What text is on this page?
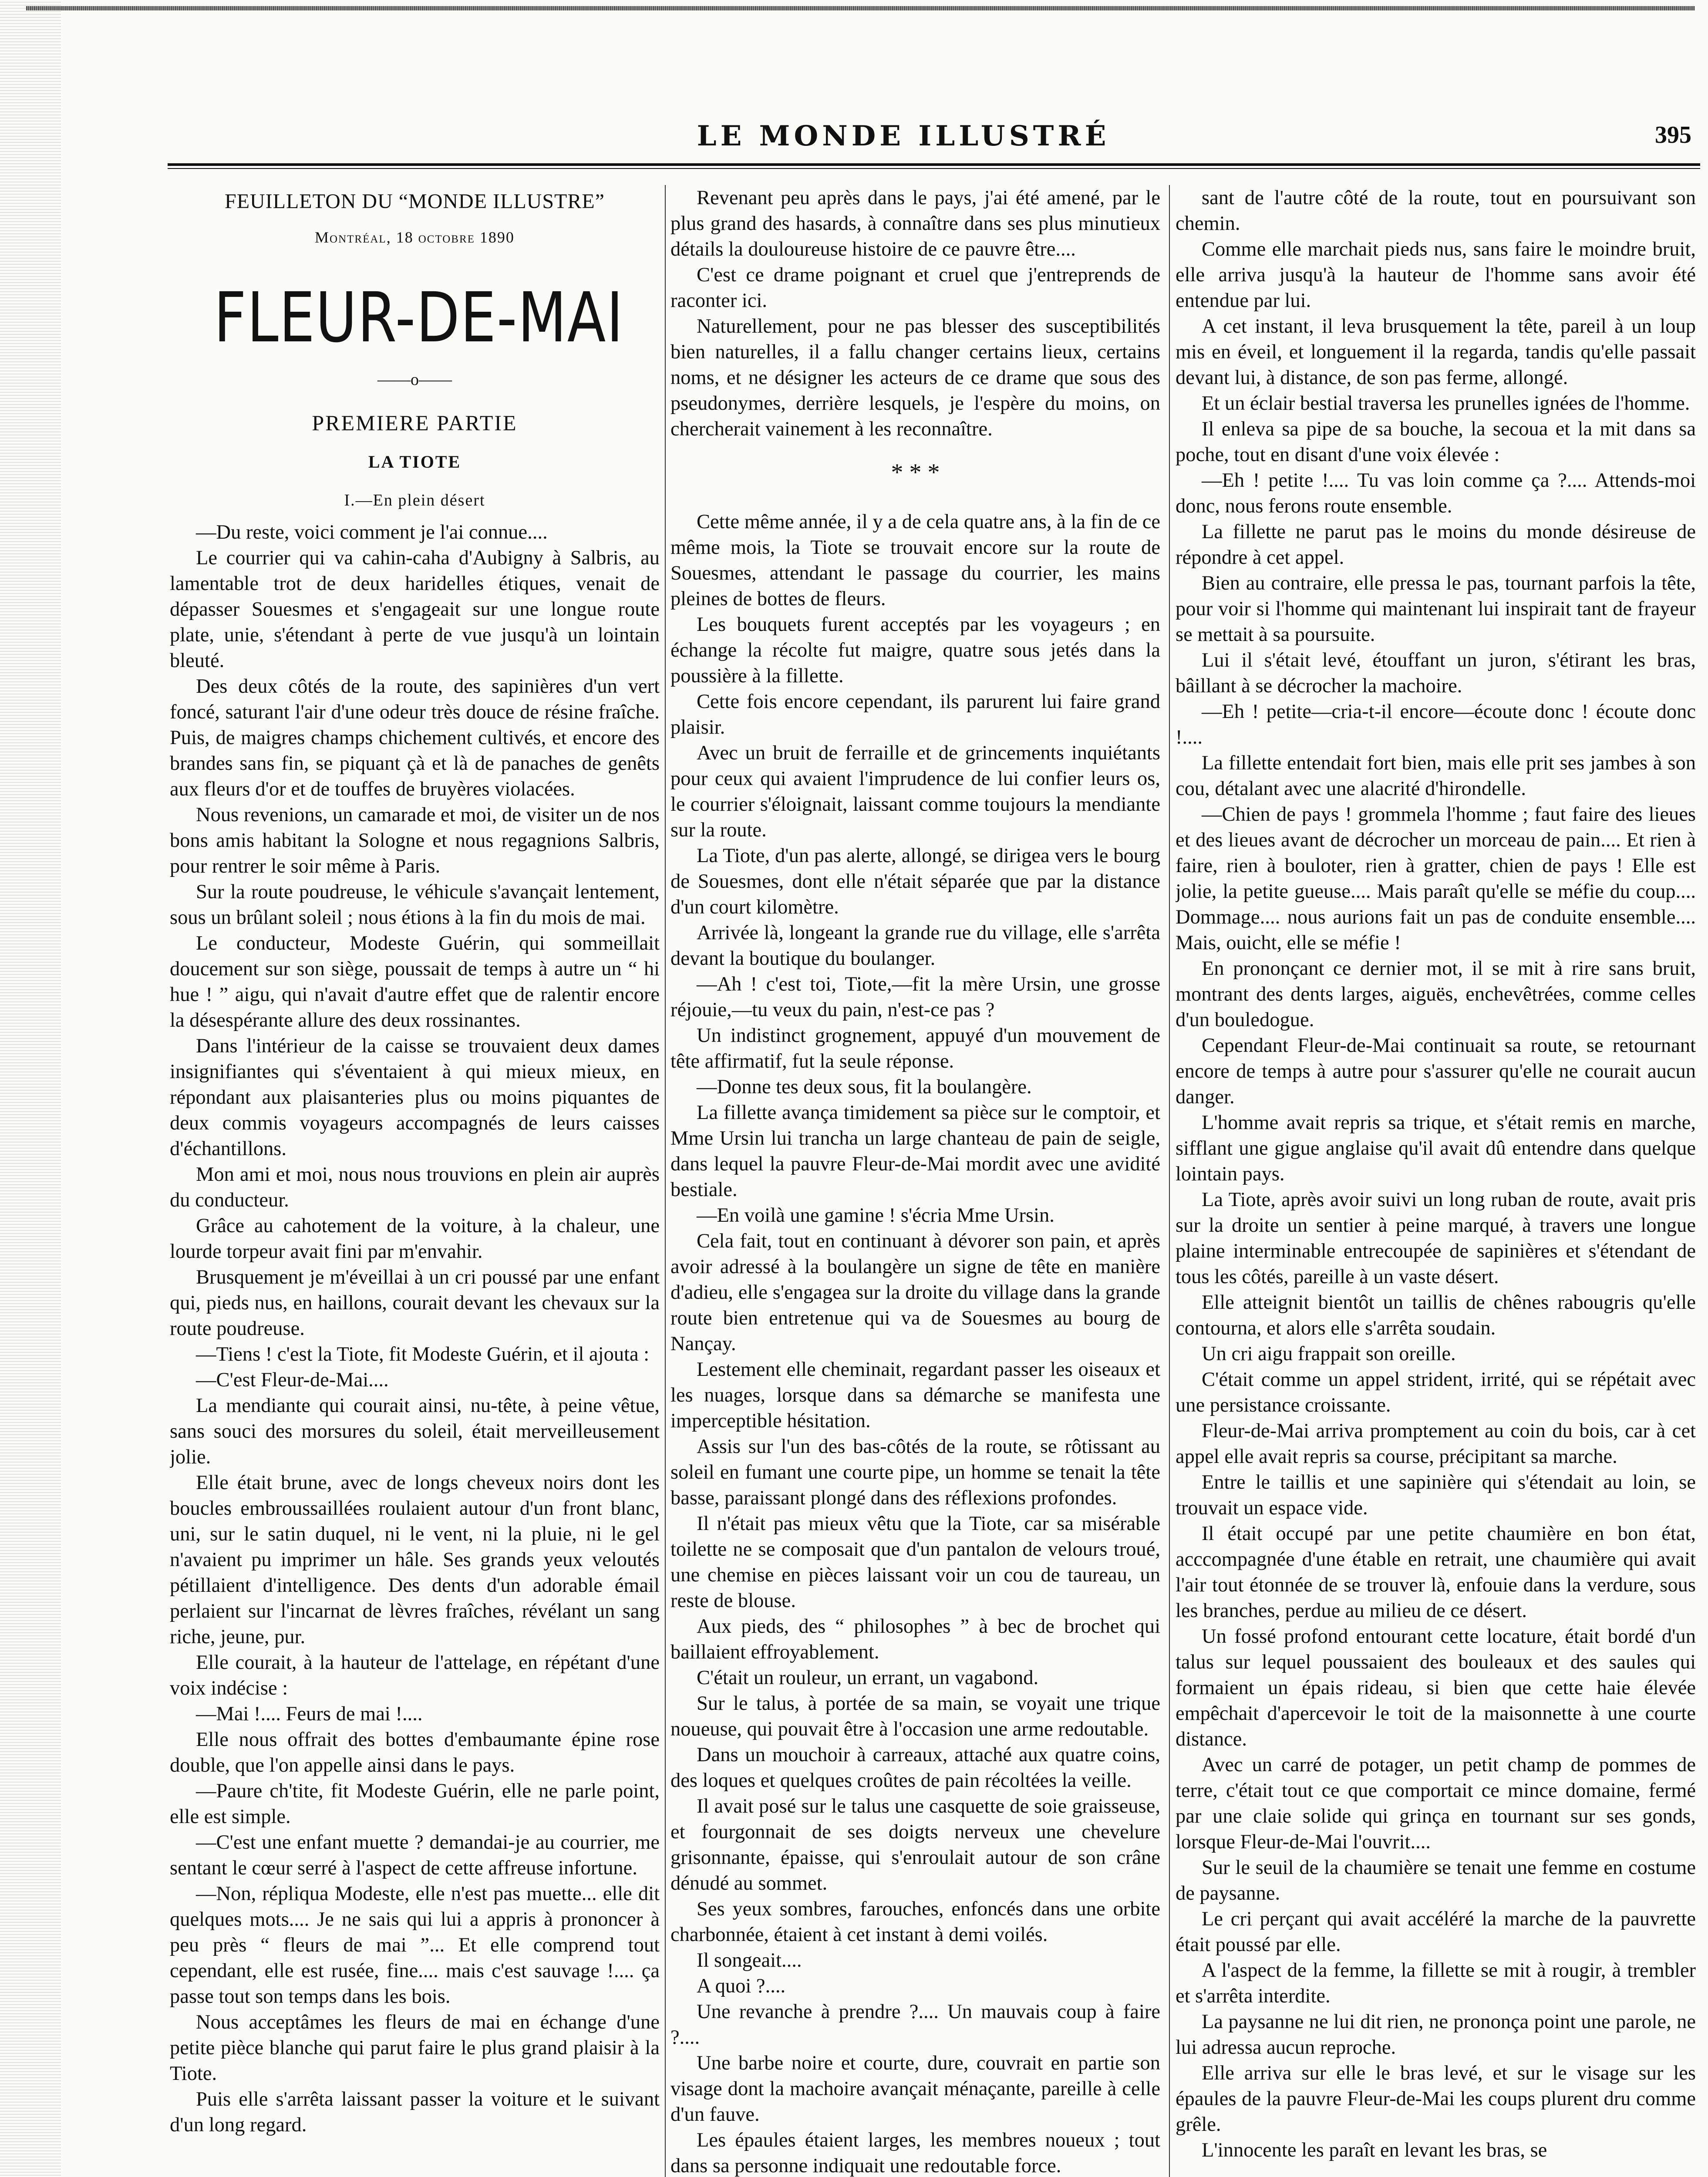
LE MONDE ILLUSTRÉ	395

FEUILLETON DU “MONDE ILLUSTRE”

Montréal, 18 octobre 1890

FLEUR-DE-MAI

——o——

PREMIERE PARTIE

LA TIOTE

I.—En plein désert

—Du reste, voici comment je l'ai connue....

Le courrier qui va cahin-caha d'Aubigny à Salbris, au lamentable trot de deux haridelles étiques, venait de dépasser Souesmes et s'engageait sur une longue route plate, unie, s'étendant à perte de vue jusqu'à un lointain bleuté.

Des deux côtés de la route, des sapinières d'un vert foncé, saturant l'air d'une odeur très douce de résine fraîche. Puis, de maigres champs chichement cultivés, et encore des brandes sans fin, se piquant çà et là de panaches de genêts aux fleurs d'or et de touffes de bruyères violacées.

Nous revenions, un camarade et moi, de visiter un de nos bons amis habitant la Sologne et nous regagnions Salbris, pour rentrer le soir même à Paris.

Sur la route poudreuse, le véhicule s'avançait lentement, sous un brûlant soleil ; nous étions à la fin du mois de mai.

Le conducteur, Modeste Guérin, qui sommeillait doucement sur son siège, poussait de temps à autre un “ hi hue ! ” aigu, qui n'avait d'autre effet que de ralentir encore la désespérante allure des deux rossinantes.

Dans l'intérieur de la caisse se trouvaient deux dames insignifiantes qui s'éventaient à qui mieux mieux, en répondant aux plaisanteries plus ou moins piquantes de deux commis voyageurs accompagnés de leurs caisses d'échantillons.

Mon ami et moi, nous nous trouvions en plein air auprès du conducteur.

Grâce au cahotement de la voiture, à la chaleur, une lourde torpeur avait fini par m'envahir.

Brusquement je m'éveillai à un cri poussé par une enfant qui, pieds nus, en haillons, courait devant les chevaux sur la route poudreuse.

—Tiens ! c'est la Tiote, fit Modeste Guérin, et il ajouta :

—C'est Fleur-de-Mai....

La mendiante qui courait ainsi, nu-tête, à peine vêtue, sans souci des morsures du soleil, était merveilleusement jolie.

Elle était brune, avec de longs cheveux noirs dont les boucles embroussaillées roulaient autour d'un front blanc, uni, sur le satin duquel, ni le vent, ni la pluie, ni le gel n'avaient pu imprimer un hâle. Ses grands yeux veloutés pétillaient d'intelligence. Des dents d'un adorable émail perlaient sur l'incarnat de lèvres fraîches, révélant un sang riche, jeune, pur.

Elle courait, à la hauteur de l'attelage, en répétant d'une voix indécise :

—Mai !.... Feurs de mai !....

Elle nous offrait des bottes d'embaumante épine rose double, que l'on appelle ainsi dans le pays.

—Paure ch'tite, fit Modeste Guérin, elle ne parle point, elle est simple.

—C'est une enfant muette ? demandai-je au courrier, me sentant le cœur serré à l'aspect de cette affreuse infortune.

—Non, répliqua Modeste, elle n'est pas muette... elle dit quelques mots.... Je ne sais qui lui a appris à prononcer à peu près “ fleurs de mai ”... Et elle comprend tout cependant, elle est rusée, fine.... mais c'est sauvage !.... ça passe tout son temps dans les bois.

Nous acceptâmes les fleurs de mai en échange d'une petite pièce blanche qui parut faire le plus grand plaisir à la Tiote.

Puis elle s'arrêta laissant passer la voiture et le suivant d'un long regard.

Revenant peu après dans le pays, j'ai été amené, par le plus grand des hasards, à connaître dans ses plus minutieux détails la douloureuse histoire de ce pauvre être....

C'est ce drame poignant et cruel que j'entreprends de raconter ici.

Naturellement, pour ne pas blesser des susceptibilités bien naturelles, il a fallu changer certains lieux, certains noms, et ne désigner les acteurs de ce drame que sous des pseudonymes, derrière lesquels, je l'espère du moins, on chercherait vainement à les reconnaître.

* * *

Cette même année, il y a de cela quatre ans, à la fin de ce même mois, la Tiote se trouvait encore sur la route de Souesmes, attendant le passage du courrier, les mains pleines de bottes de fleurs.

Les bouquets furent acceptés par les voyageurs ; en échange la récolte fut maigre, quatre sous jetés dans la poussière à la fillette.

Cette fois encore cependant, ils parurent lui faire grand plaisir.

Avec un bruit de ferraille et de grincements inquiétants pour ceux qui avaient l'imprudence de lui confier leurs os, le courrier s'éloignait, laissant comme toujours la mendiante sur la route.

La Tiote, d'un pas alerte, allongé, se dirigea vers le bourg de Souesmes, dont elle n'était séparée que par la distance d'un court kilomètre.

Arrivée là, longeant la grande rue du village, elle s'arrêta devant la boutique du boulanger.

—Ah ! c'est toi, Tiote,—fit la mère Ursin, une grosse réjouie,—tu veux du pain, n'est-ce pas ?

Un indistinct grognement, appuyé d'un mouvement de tête affirmatif, fut la seule réponse.

—Donne tes deux sous, fit la boulangère.

La fillette avança timidement sa pièce sur le comptoir, et Mme Ursin lui trancha un large chanteau de pain de seigle, dans lequel la pauvre Fleur-de-Mai mordit avec une avidité bestiale.

—En voilà une gamine ! s'écria Mme Ursin.

Cela fait, tout en continuant à dévorer son pain, et après avoir adressé à la boulangère un signe de tête en manière d'adieu, elle s'engagea sur la droite du village dans la grande route bien entretenue qui va de Souesmes au bourg de Nançay.

Lestement elle cheminait, regardant passer les oiseaux et les nuages, lorsque dans sa démarche se manifesta une imperceptible hésitation.

Assis sur l'un des bas-côtés de la route, se rôtissant au soleil en fumant une courte pipe, un homme se tenait la tête basse, paraissant plongé dans des réflexions profondes.

Il n'était pas mieux vêtu que la Tiote, car sa misérable toilette ne se composait que d'un pantalon de velours troué, une chemise en pièces laissant voir un cou de taureau, un reste de blouse.

Aux pieds, des “ philosophes ” à bec de brochet qui baillaient effroyablement.

C'était un rouleur, un errant, un vagabond.

Sur le talus, à portée de sa main, se voyait une trique noueuse, qui pouvait être à l'occasion une arme redoutable.

Dans un mouchoir à carreaux, attaché aux quatre coins, des loques et quelques croûtes de pain récoltées la veille.

Il avait posé sur le talus une casquette de soie graisseuse, et fourgonnait de ses doigts nerveux une chevelure grisonnante, épaisse, qui s'enroulait autour de son crâne dénudé au sommet.

Ses yeux sombres, farouches, enfoncés dans une orbite charbonnée, étaient à cet instant à demi voilés.

Il songeait....

A quoi ?....

Une revanche à prendre ?.... Un mauvais coup à faire ?....

Une barbe noire et courte, dure, couvrait en partie son visage dont la machoire avançait ménaçante, pareille à celle d'un fauve.

Les épaules étaient larges, les membres noueux ; tout dans sa personne indiquait une redoutable force.

sant de l'autre côté de la route, tout en poursuivant son chemin.

Comme elle marchait pieds nus, sans faire le moindre bruit, elle arriva jusqu'à la hauteur de l'homme sans avoir été entendue par lui.

A cet instant, il leva brusquement la tête, pareil à un loup mis en éveil, et longuement il la regarda, tandis qu'elle passait devant lui, à distance, de son pas ferme, allongé.

Et un éclair bestial traversa les prunelles ignées de l'homme.

Il enleva sa pipe de sa bouche, la secoua et la mit dans sa poche, tout en disant d'une voix élevée :

—Eh ! petite !.... Tu vas loin comme ça ?.... Attends-moi donc, nous ferons route ensemble.

La fillette ne parut pas le moins du monde désireuse de répondre à cet appel.

Bien au contraire, elle pressa le pas, tournant parfois la tête, pour voir si l'homme qui maintenant lui inspirait tant de frayeur se mettait à sa poursuite.

Lui il s'était levé, étouffant un juron, s'étirant les bras, bâillant à se décrocher la machoire.

—Eh ! petite—cria-t-il encore—écoute donc ! écoute donc !....

La fillette entendait fort bien, mais elle prit ses jambes à son cou, détalant avec une alacrité d'hirondelle.

—Chien de pays ! grommela l'homme ; faut faire des lieues et des lieues avant de décrocher un morceau de pain.... Et rien à faire, rien à bouloter, rien à gratter, chien de pays ! Elle est jolie, la petite gueuse.... Mais paraît qu'elle se méfie du coup.... Dommage.... nous aurions fait un pas de conduite ensemble.... Mais, ouicht, elle se méfie !

En prononçant ce dernier mot, il se mit à rire sans bruit, montrant des dents larges, aiguës, enchevêtrées, comme celles d'un bouledogue.

Cependant Fleur-de-Mai continuait sa route, se retournant encore de temps à autre pour s'assurer qu'elle ne courait aucun danger.

L'homme avait repris sa trique, et s'était remis en marche, sifflant une gigue anglaise qu'il avait dû entendre dans quelque lointain pays.

La Tiote, après avoir suivi un long ruban de route, avait pris sur la droite un sentier à peine marqué, à travers une longue plaine interminable entrecoupée de sapinières et s'étendant de tous les côtés, pareille à un vaste désert.

Elle atteignit bientôt un taillis de chênes rabougris qu'elle contourna, et alors elle s'arrêta soudain.

Un cri aigu frappait son oreille.

C'était comme un appel strident, irrité, qui se répétait avec une persistance croissante.

Fleur-de-Mai arriva promptement au coin du bois, car à cet appel elle avait repris sa course, précipitant sa marche.

Entre le taillis et une sapinière qui s'étendait au loin, se trouvait un espace vide.

Il était occupé par une petite chaumière en bon état, acccompagnée d'une étable en retrait, une chaumière qui avait l'air tout étonnée de se trouver là, enfouie dans la verdure, sous les branches, perdue au milieu de ce désert.

Un fossé profond entourant cette locature, était bordé d'un talus sur lequel poussaient des bouleaux et des saules qui formaient un épais rideau, si bien que cette haie élevée empêchait d'apercevoir le toit de la maisonnette à une courte distance.

Avec un carré de potager, un petit champ de pommes de terre, c'était tout ce que comportait ce mince domaine, fermé par une claie solide qui grinça en tournant sur ses gonds, lorsque Fleur-de-Mai l'ouvrit....

Sur le seuil de la chaumière se tenait une femme en costume de paysanne.

Le cri perçant qui avait accéléré la marche de la pauvrette était poussé par elle.

A l'aspect de la femme, la fillette se mit à rougir, à trembler et s'arrêta interdite.

La paysanne ne lui dit rien, ne prononça point une parole, ne lui adressa aucun reproche.

Elle arriva sur elle le bras levé, et sur le visage sur les épaules de la pauvre Fleur-de-Mai les coups plurent dru comme grêle.

L'innocente les paraît en levant les bras, se
